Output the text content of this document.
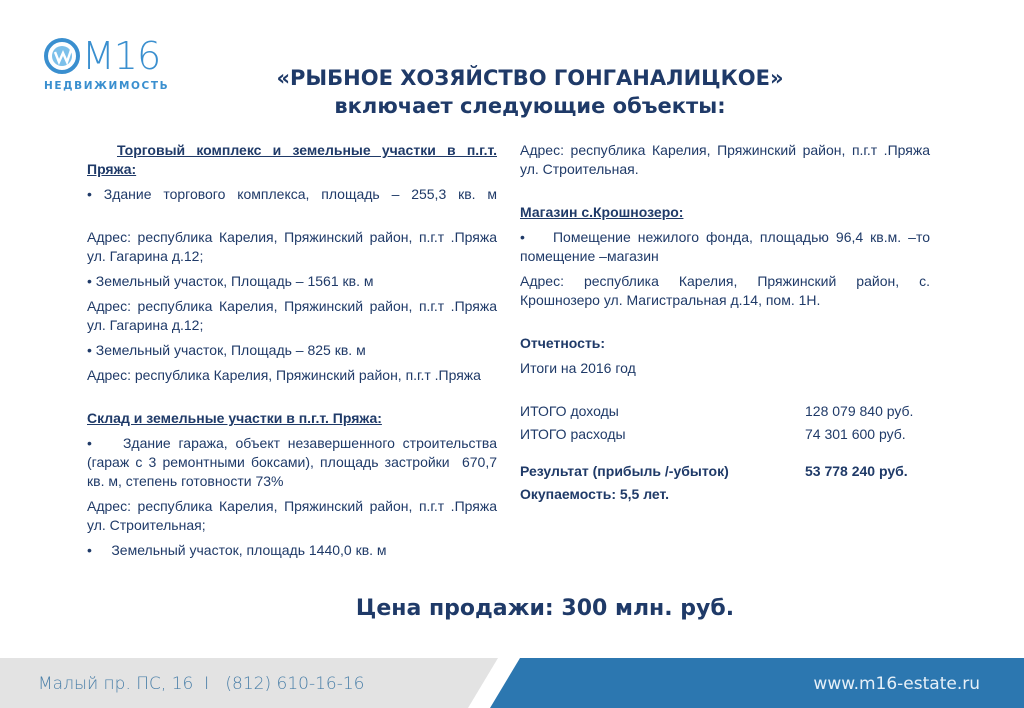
M16
НЕДВИЖИМОСТЬ	«РЫБНОЕ ХОЗЯЙСТВО ГОНГАНАЛИЦКОЕ»
включает следующие объекты:

Торговый комплекс и земельные участки в п.г.т. Пряжа:

• Здание торгового комплекса, площадь – 255,3 кв. м

Адрес: республика Карелия, Пряжинский район, п.г.т .Пряжа ул. Гагарина д.12;

• Земельный участок, Площадь – 1561 кв. м

Адрес: республика Карелия, Пряжинский район, п.г.т .Пряжа ул. Гагарина д.12;

• Земельный участок, Площадь – 825 кв. м

Адрес: республика Карелия, Пряжинский район, п.г.т .Пряжа

Склад и земельные участки в п.г.т. Пряжа:

•    Здание гаража, объект незавершенного строительства (гараж с 3 ремонтными боксами), площадь застройки  670,7 кв. м, степень готовности 73%

Адрес: республика Карелия, Пряжинский район, п.г.т .Пряжа ул. Строительная;

•     Земельный участок, площадь 1440,0 кв. м

Адрес: республика Карелия, Пряжинский район, п.г.т .Пряжа ул. Строительная.

Магазин с.Крошнозеро:

•    Помещение нежилого фонда, площадью 96,4 кв.м. –то помещение –магазин

Адрес: республика Карелия, Пряжинский район, с. Крошнозеро ул. Магистральная д.14, пом. 1Н.

Отчетность:

Итоги на 2016 год

ИТОГО доходы	128 079 840 руб.
ИТОГО расходы	74 301 600 руб.
Результат (прибыль /-убыток)	53 778 240 руб.

Окупаемость: 5,5 лет.

Цена продажи: 300 млн. руб.
Малый пр. ПС, 16  I   (812) 610-16-16	www.m16-estate.ru
